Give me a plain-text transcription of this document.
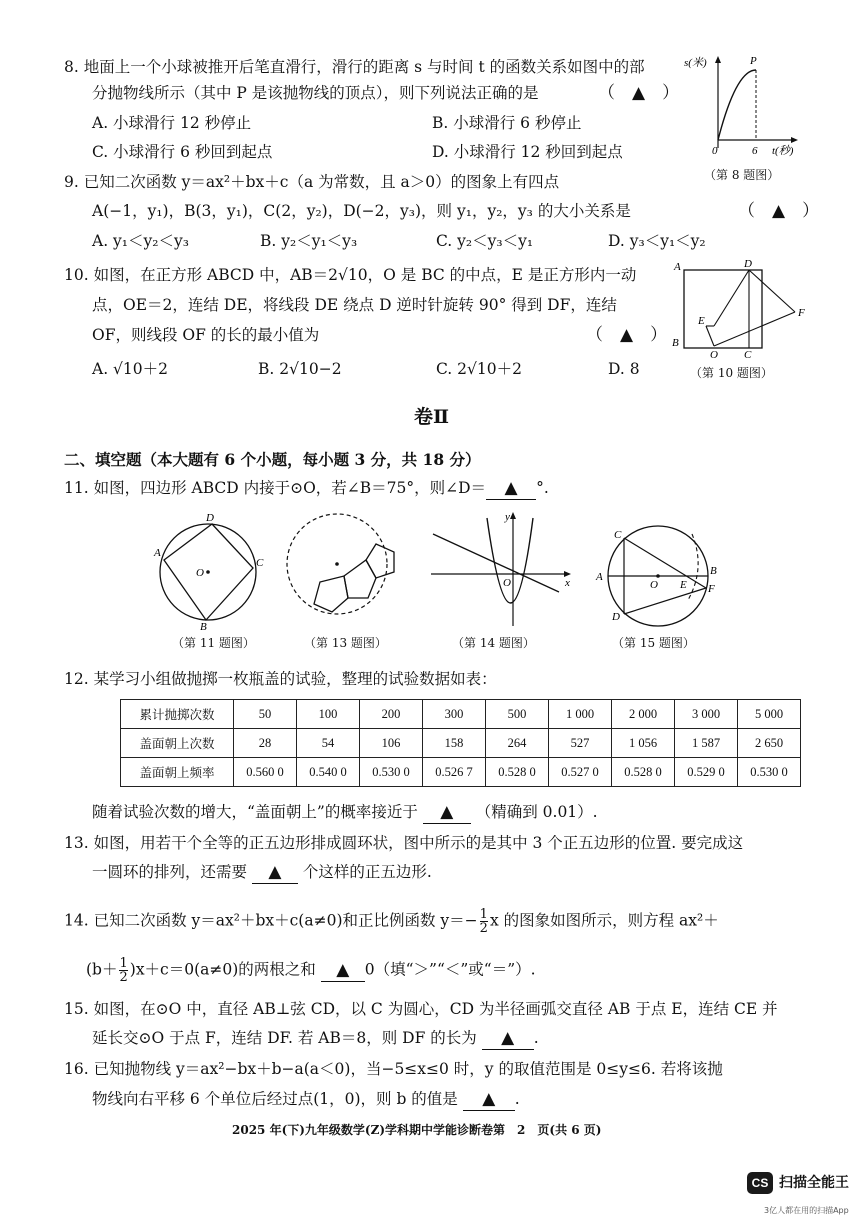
8. 地面上一个小球被推开后笔直滑行，滑行的距离 s 与时间 t 的函数关系如图中的部
分抛物线所示（其中 P 是该抛物线的顶点），则下列说法正确的是	（　▲　）
A. 小球滑行 12 秒停止	B. 小球滑行 6 秒停止
C. 小球滑行 6 秒回到起点	D. 小球滑行 12 秒回到起点
s(米)	P
0	6 t(秒)
（第 8 题图）
9. 已知二次函数 y＝ax²＋bx＋c（a 为常数，且 a＞0）的图象上有四点
A(−1，y₁)，B(3，y₁)，C(2，y₂)，D(−2，y₃)，则 y₁，y₂，y₃ 的大小关系是	（　▲　）
A. y₁＜y₂＜y₃	B. y₂＜y₁＜y₃	C. y₂＜y₃＜y₁	D. y₃＜y₁＜y₂
10. 如图，在正方形 ABCD 中，AB＝2√10，O 是 BC 的中点，E 是正方形内一动
点，OE＝2，连结 DE，将线段 DE 绕点 D 逆时针旋转 90° 得到 DF，连结
OF，则线段 OF 的长的最小值为	（　▲　）
A. √10＋2	B. 2√10−2	C. 2√10＋2	D. 8
A	D
E
F
B
O C
（第 10 题图）
卷Ⅱ
二、填空题（本大题有 6 个小题，每小题 3 分，共 18 分）
11. 如图，四边形 ABCD 内接于⊙O，若∠B＝75°，则∠D＝ ▲ °.
D
A
O
C
B
（第 11 题图）	（第 13 题图）
y
x
O
（第 14 题图）
C
A
O E
B
F
D
（第 15 题图）
12. 某学习小组做抛掷一枚瓶盖的试验，整理的试验数据如表：
累计抛掷次数	50	100	200	300	500	1 000	2 000	3 000	5 000
盖面朝上次数	28	54	106	158	264	527	1 056	1 587	2 650
盖面朝上频率	0.560 0	0.540 0	0.530 0	0.526 7	0.528 0	0.527 0	0.528 0	0.529 0	0.530 0
随着试验次数的增大，“盖面朝上”的概率接近于 ▲ （精确到 0.01）.
13. 如图，用若干个全等的正五边形排成圆环状，图中所示的是其中 3 个正五边形的位置. 要完成这
一圆环的排列，还需要 ▲ 个这样的正五边形.
14. 已知二次函数 y＝ax²＋bx＋c(a≠0)和正比例函数 $y=- \frac{1}{2}$ x 的图象如图所示，则方程 ax²＋
$(b+ \frac{1}{2} )x+c=0(a\ne 0)$的两根之和 ▲ 0（填“＞”“＜”或“＝”）.
15. 如图，在⊙O 中，直径 AB⊥弦 CD，以 C 为圆心，CD 为半径画弧交直径 AB 于点 E，连结 CE 并
延长交⊙O 于点 F，连结 DF. 若 AB＝8，则 DF 的长为 ▲ .
16. 已知抛物线 y＝ax²−bx＋b−a(a＜0)，当−5≤x≤0 时，y 的取值范围是 0≤y≤6. 若将该抛
物线向右平移 6 个单位后经过点(1，0)，则 b 的值是 ▲ .
2025 年(下)九年级数学(Z)学科期中学能诊断卷第　2　页(共 6 页)
CS 扫描全能王
3亿人都在用的扫描App
